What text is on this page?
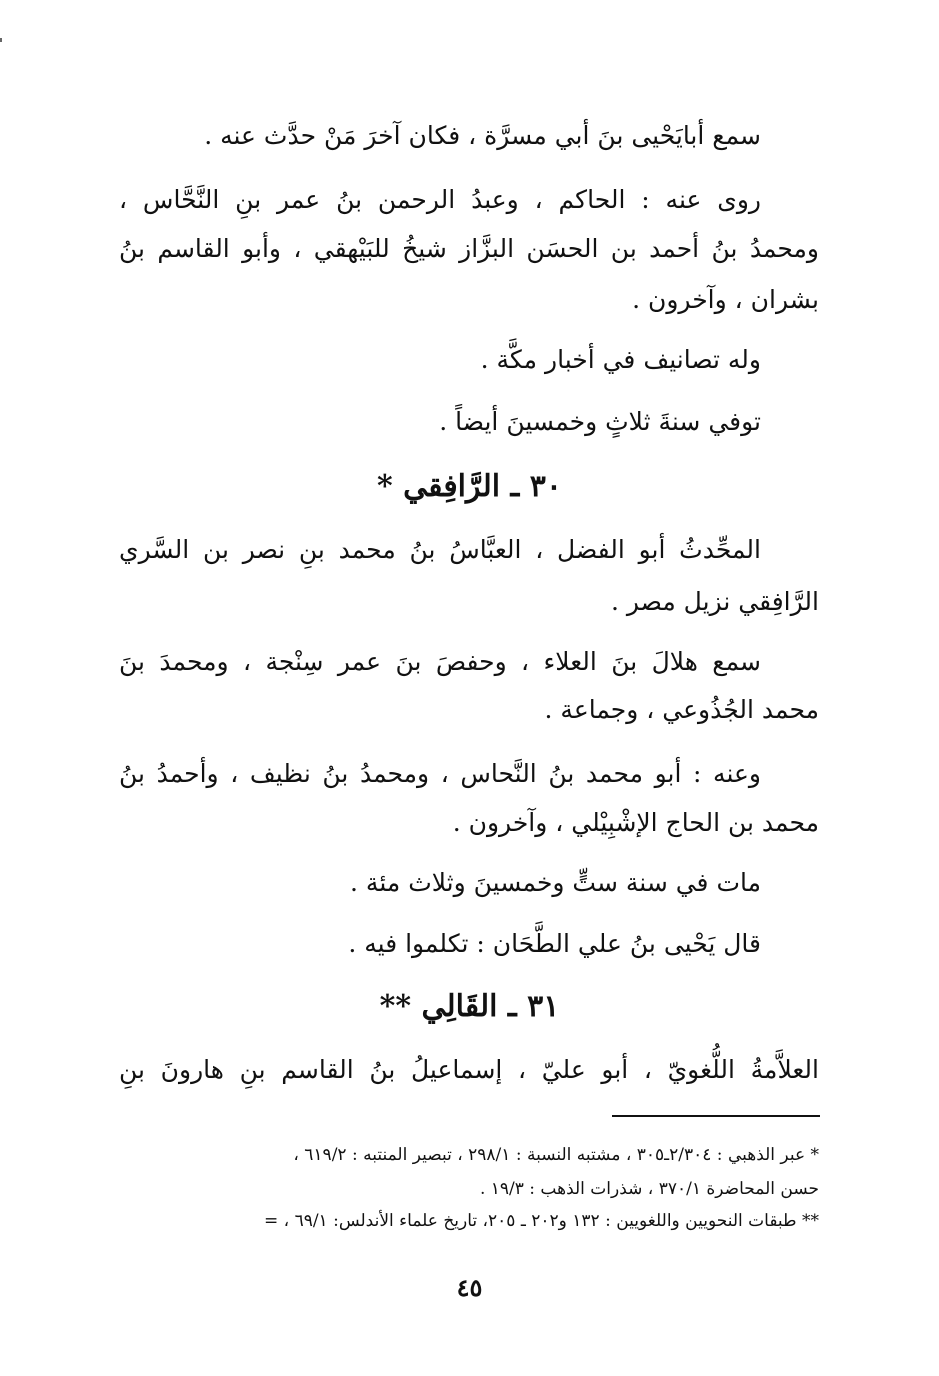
سمع أبايَحْيى بنَ أبي مسرَّة ، فكان آخرَ مَنْ حدَّث عنه .
روى عنه : الحاكم ، وعبدُ الرحمن بنُ عمر بنِ النَّحَّاس ،
ومحمدُ بنُ أحمد بن الحسَن البزَّاز شيخُ للبَيْهقي ، وأبو القاسم بنُ
بشران ، وآخرون .
وله تصانيف في أخبار مكَّة .
توفي سنةَ ثلاثٍ وخمسينَ أيضاً .
٣٠ ـ الرَّافِقي *
المحِّدثُ أبو الفضل ، العبَّاسُ بنُ محمد بنِ نصر بن السَّري
الرَّافِقي نزيل مصر .
سمع هلالَ بنَ العلاء ، وحفصَ بنَ عمر سِنْجة ، ومحمدَ بنَ
محمد الجُذُوعي ، وجماعة .
وعنه : أبو محمد بنُ النَّحاس ، ومحمدُ بنُ نظيف ، وأحمدُ بنُ
محمد بن الحاج الإشْبِيْلي ، وآخرون .
مات في سنة ستٍّ وخمسينَ وثلاث مئة .
قال يَحْيى بنُ علي الطَّحَان : تكلموا فيه .
٣١ ـ القَالِي **
العلاَّمةُ اللُّغويّ ، أبو عليّ ، إسماعيلُ بنُ القاسم بنِ هارونَ بنِ
* عبر الذهبي : ٢/٣٠٤ـ٣٠٥ ، مشتبه النسبة : ٢٩٨/١ ، تبصير المنتبه : ٦١٩/٢ ،
حسن المحاضرة ٣٧٠/١ ، شذرات الذهب : ١٩/٣ .
** طبقات النحويين واللغويين : ١٣٢ و٢٠٢ ـ ٢٠٥، تاريخ علماء الأندلس: ٦٩/١ ، =
٤٥
